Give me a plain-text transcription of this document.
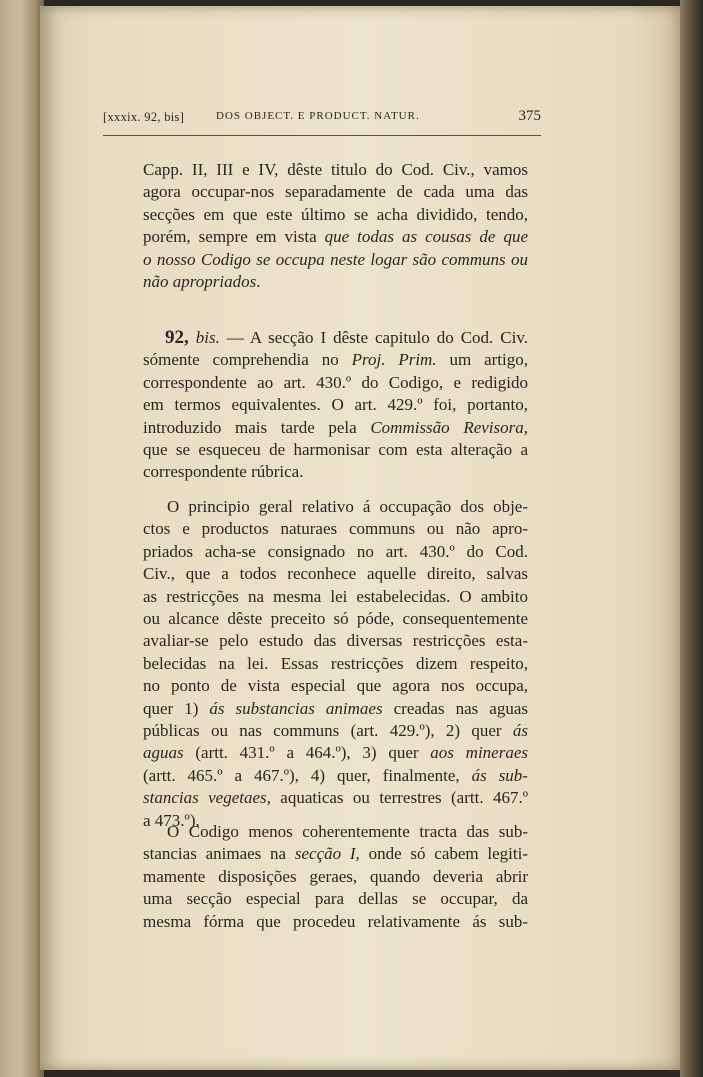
[xxxix. 92, bis]	DOS OBJECT. E PRODUCT. NATUR.	375
Capp. II, III e IV, dêste titulo do Cod. Civ., vamos
agora occupar-nos separadamente de cada uma das
secções em que este último se acha dividido, tendo,
porém, sempre em vista que todas as cousas de que
o nosso Codigo se occupa neste logar são communs ou
não apropriados.
92, bis. — A secção I dêste capitulo do Cod. Civ.
sómente comprehendia no Proj. Prim. um artigo,
correspondente ao art. 430.º do Codigo, e redigido
em termos equivalentes. O art. 429.º foi, portanto,
introduzido mais tarde pela Commissão Revisora,
que se esqueceu de harmonisar com esta alteração a
correspondente rúbrica.
O principio geral relativo á occupação dos obje-
ctos e productos naturaes communs ou não apro-
priados acha-se consignado no art. 430.º do Cod.
Civ., que a todos reconhece aquelle direito, salvas
as restricções na mesma lei estabelecidas. O ambito
ou alcance dêste preceito só póde, consequentemente
avaliar-se pelo estudo das diversas restricções esta-
belecidas na lei. Essas restricções dizem respeito,
no ponto de vista especial que agora nos occupa,
quer 1) ás substancias animaes creadas nas aguas
públicas ou nas communs (art. 429.º), 2) quer ás
aguas (artt. 431.º a 464.º), 3) quer aos mineraes
(artt. 465.º a 467.º), 4) quer, finalmente, ás sub-
stancias vegetaes, aquaticas ou terrestres (artt. 467.º
a 473.º).
O Codigo menos coherentemente tracta das sub-
stancias animaes na secção I, onde só cabem legiti-
mamente disposições geraes, quando deveria abrir
uma secção especial para dellas se occupar, da
mesma fórma que procedeu relativamente ás sub-
